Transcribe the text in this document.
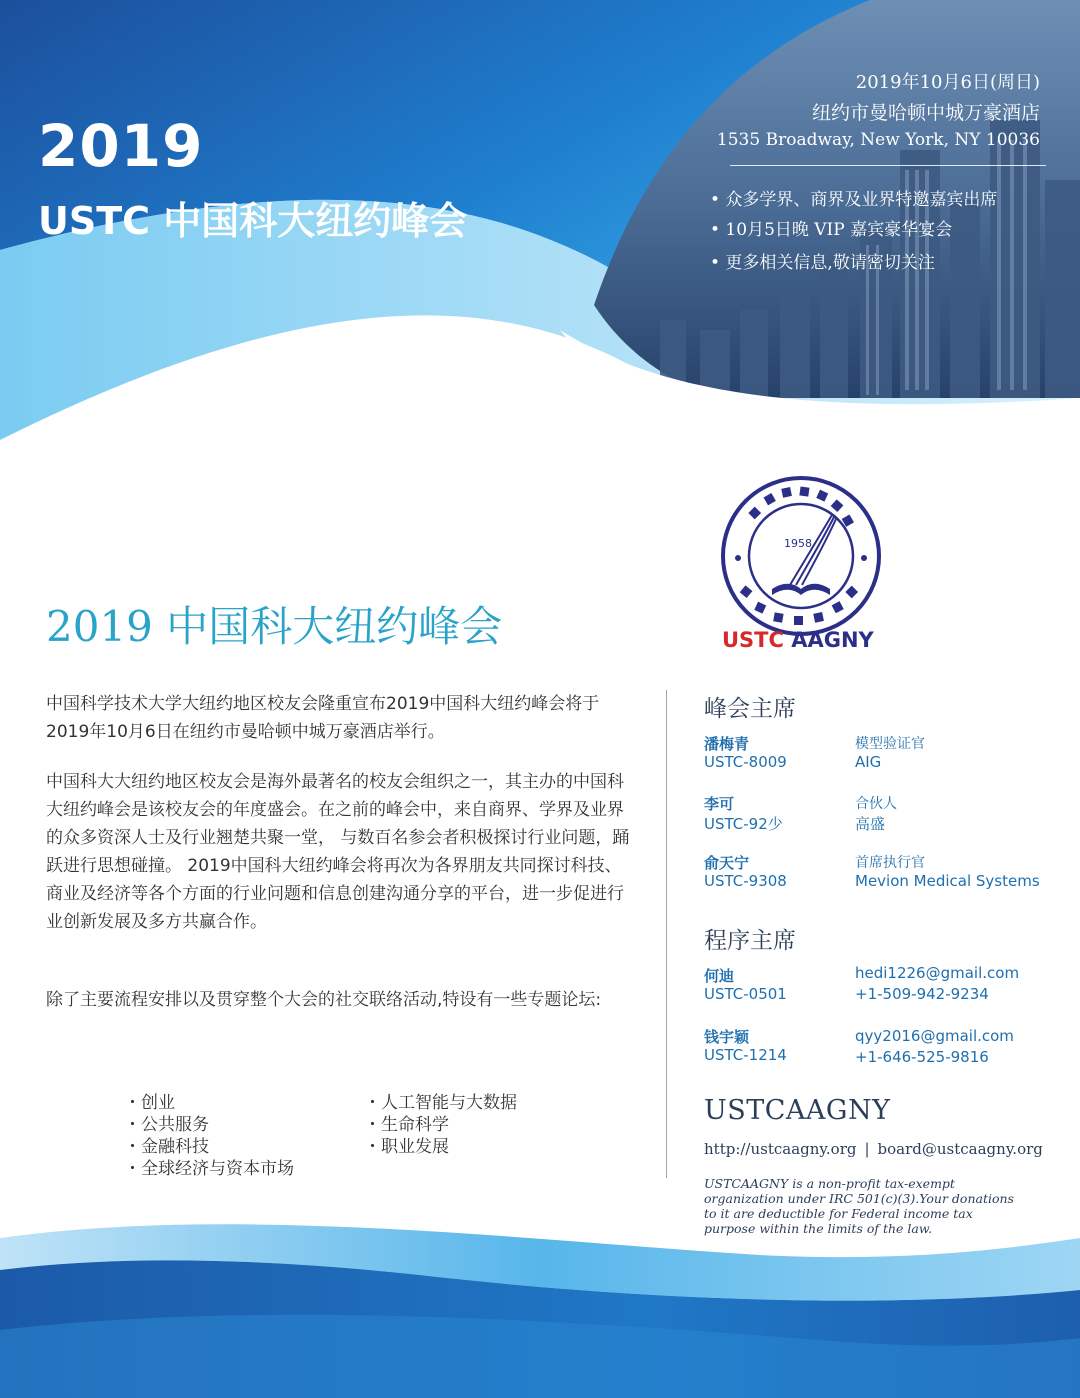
2019
USTC 中国科大纽约峰会
2019年10月6日(周日)
纽约市曼哈顿中城万豪酒店
1535 Broadway, New York, NY 10036
• 众多学界、商界及业界特邀嘉宾出席
• 10月5日晚 VIP 嘉宾豪华宴会
• 更多相关信息,敬请密切关注
1958
USTC AAGNY
2019 中国科大纽约峰会

中国科学技术大学大纽约地区校友会隆重宣布2019中国科大纽约峰会将于2019年10月6日在纽约市曼哈顿中城万豪酒店举行。

中国科大大纽约地区校友会是海外最著名的校友会组织之一，其主办的中国科大纽约峰会是该校友会的年度盛会。在之前的峰会中，来自商界、学界及业界的众多资深人士及行业翘楚共聚一堂， 与数百名参会者积极探讨行业问题，踊跃进行思想碰撞。 2019中国科大纽约峰会将再次为各界朋友共同探讨科技、商业及经济等各个方面的行业问题和信息创建沟通分享的平台，进一步促进行业创新发展及多方共赢合作。

除了主要流程安排以及贯穿整个大会的社交联络活动,特设有一些专题论坛:

・创业
・公共服务
・金融科技
・全球经济与资本市场
・人工智能与大数据
・生命科学
・职业发展
峰会主席
潘梅青
USTC-8009
模型验证官
AIG
李可
USTC-92少
合伙人
高盛
俞天宁
USTC-9308
首席执行官
Mevion Medical Systems
程序主席
何迪
USTC-0501
hedi1226@gmail.com
+1-509-942-9234
钱宇颖
USTC-1214
qyy2016@gmail.com
+1-646-525-9816
USTCAAGNY
http://ustcaagny.org | board@ustcaagny.org

USTCAAGNY is a non-profit tax-exempt organization under IRC 501(c)(3).Your donations to it are deductible for Federal income tax purpose within the limits of the law.
